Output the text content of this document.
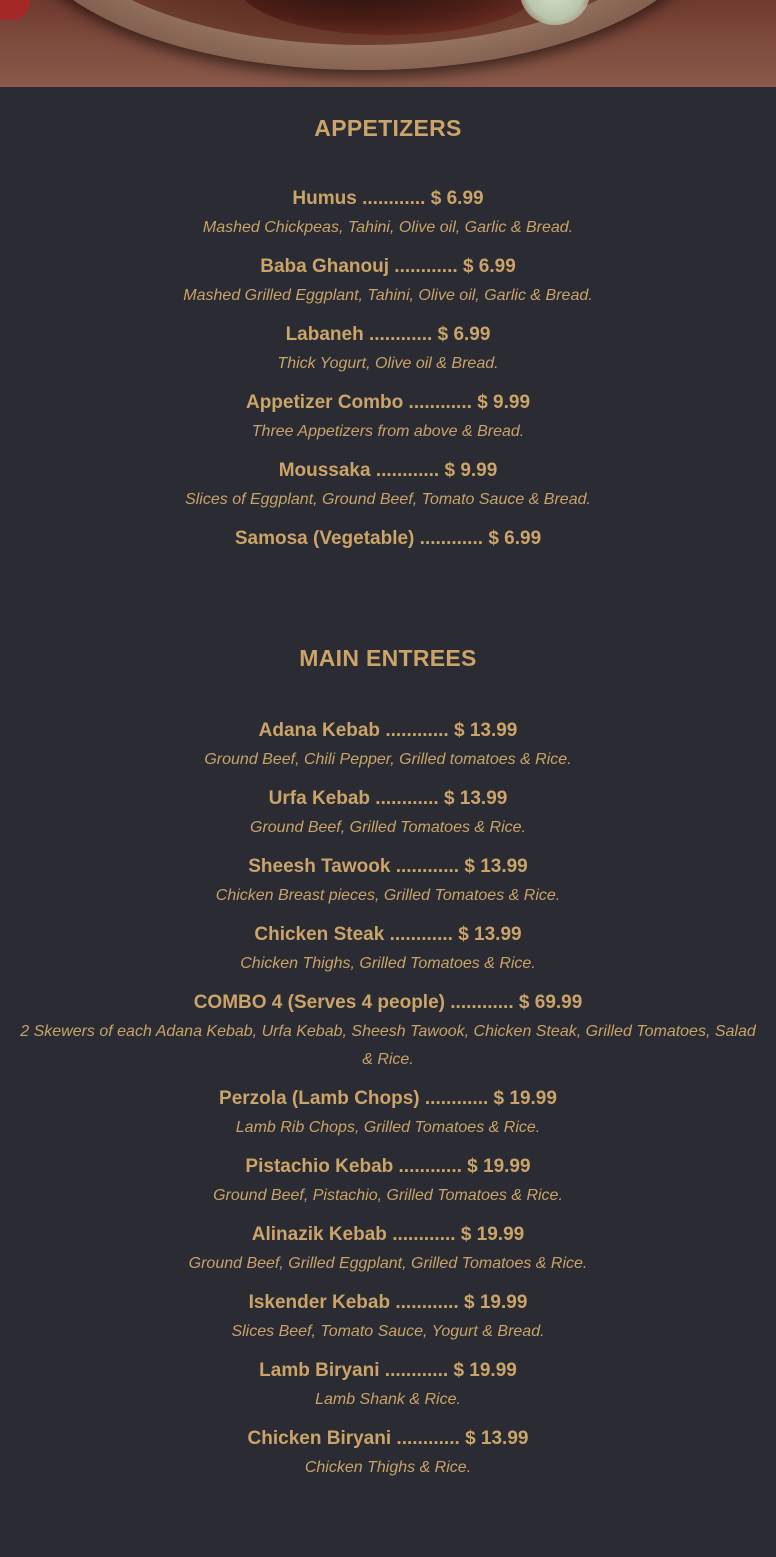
APPETIZERS
Humus ............ $ 6.99
Mashed Chickpeas, Tahini, Olive oil, Garlic & Bread.
Baba Ghanouj ............ $ 6.99
Mashed Grilled Eggplant, Tahini, Olive oil, Garlic & Bread.
Labaneh ............ $ 6.99
Thick Yogurt, Olive oil & Bread.
Appetizer Combo ............ $ 9.99
Three Appetizers from above & Bread.
Moussaka ............ $ 9.99
Slices of Eggplant, Ground Beef, Tomato Sauce & Bread.
Samosa (Vegetable) ............ $ 6.99
MAIN ENTREES
Adana Kebab ............ $ 13.99
Ground Beef, Chili Pepper, Grilled tomatoes & Rice.
Urfa Kebab ............ $ 13.99
Ground Beef, Grilled Tomatoes & Rice.
Sheesh Tawook ............ $ 13.99
Chicken Breast pieces, Grilled Tomatoes & Rice.
Chicken Steak ............ $ 13.99
Chicken Thighs, Grilled Tomatoes & Rice.
COMBO 4 (Serves 4 people) ............ $ 69.99
2 Skewers of each Adana Kebab, Urfa Kebab, Sheesh Tawook, Chicken Steak, Grilled Tomatoes, Salad & Rice.
Perzola (Lamb Chops) ............ $ 19.99
Lamb Rib Chops, Grilled Tomatoes & Rice.
Pistachio Kebab ............ $ 19.99
Ground Beef, Pistachio, Grilled Tomatoes & Rice.
Alinazik Kebab ............ $ 19.99
Ground Beef, Grilled Eggplant, Grilled Tomatoes & Rice.
Iskender Kebab ............ $ 19.99
Slices Beef, Tomato Sauce, Yogurt & Bread.
Lamb Biryani ............ $ 19.99
Lamb Shank & Rice.
Chicken Biryani ............ $ 13.99
Chicken Thighs & Rice.
